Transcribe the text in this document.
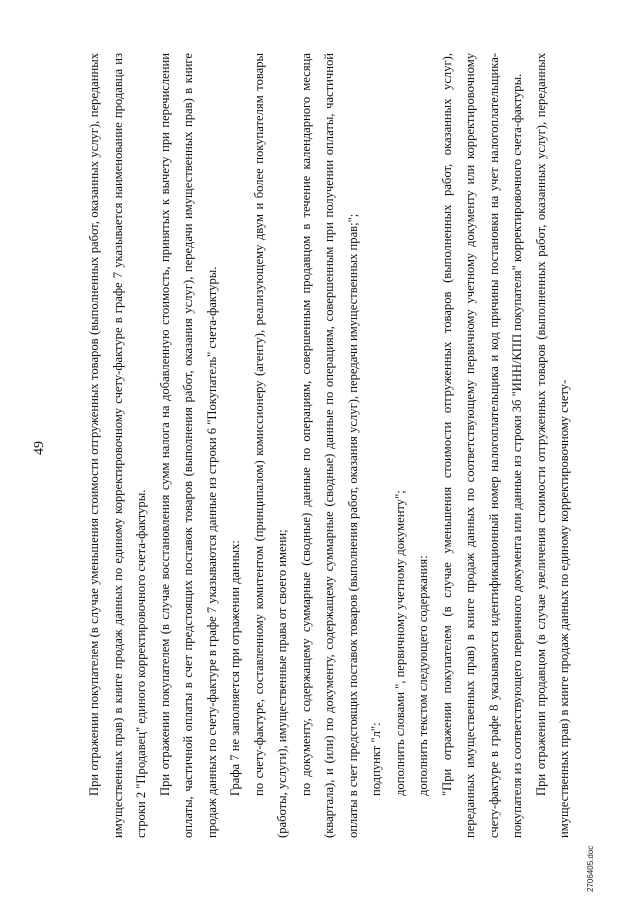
49	При отражении покупателем (в случае уменьшения стоимости отгруженных товаров (выполненных работ, оказанных услуг), переданных имущественных прав) в книге продаж данных по единому корректировочному счету-фактуре в графе 7 указывается наименование продавца из строки 2 "Продавец" единого корректировочного счета-фактуры. При отражении покупателем (в случае восстановления сумм налога на добавленную стоимость, принятых к вычету при перечислении оплаты, частичной оплаты в счет предстоящих поставок товаров (выполнения работ, оказания услуг), передачи имущественных прав) в книге продаж данных по счету-фактуре в графе 7 указываются данные из строки 6 "Покупатель" счета-фактуры. Графа 7 не заполняется при отражении данных: по счету-фактуре, составленному комитентом (принципалом) комиссионеру (агенту), реализующему двум и более покупателям товары (работы, услуги), имущественные права от своего имени; по документу, содержащему суммарные (сводные) данные по операциям, совершенным продавцом в течение календарного месяца (квартала), и (или) по документу, содержащему суммарные (сводные) данные по операциям, совершенным при получении оплаты, частичной оплаты в счет предстоящих поставок товаров (выполнения работ, оказания услуг), передачи имущественных прав;"; подпункт "л": дополнить словами ", первичному учетному документу"; дополнить текстом следующего содержания: "При отражении покупателем (в случае уменьшения стоимости отгруженных товаров (выполненных работ, оказанных услуг), переданных имущественных прав) в книге продаж данных по соответствующему первичному учетному документу или корректировочному счету-фактуре в графе 8 указываются идентификационный номер налогоплательщика и код причины постановки на учет налогоплательщика-покупателя из соответствующего первичного документа или данные из строки 3б "ИНН/КПП покупателя" корректировочного счета-фактуры. При отражении продавцом (в случае увеличения стоимости отгруженных товаров (выполненных работ, оказанных услуг), переданных имущественных прав) в книге продаж данных по единому корректировочному счету-

2706405.doc
